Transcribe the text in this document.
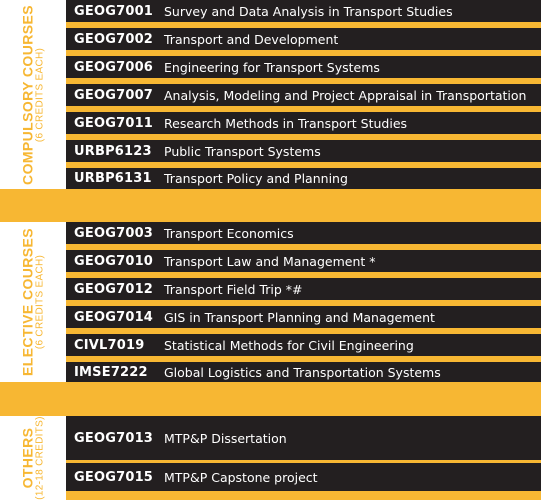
COMPULSORY COURSES
(6 CREDITS EACH)
GEOG7001 Survey and Data Analysis in Transport Studies
GEOG7002 Transport and Development
GEOG7006 Engineering for Transport Systems
GEOG7007 Analysis, Modeling and Project Appraisal in Transportation
GEOG7011 Research Methods in Transport Studies
URBP6123 Public Transport Systems
URBP6131 Transport Policy and Planning
ELECTIVE COURSES
(6 CREDITS EACH)
GEOG7003 Transport Economics
GEOG7010 Transport Law and Management *
GEOG7012 Transport Field Trip *#
GEOG7014 GIS in Transport Planning and Management
CIVL7019	Statistical Methods for Civil Engineering
IMSE7222	Global Logistics and Transportation Systems
OTHERS
(12-18 CREDITS)	GEOG7013 MTP&P Dissertation
GEOG7015 MTP&P Capstone project
